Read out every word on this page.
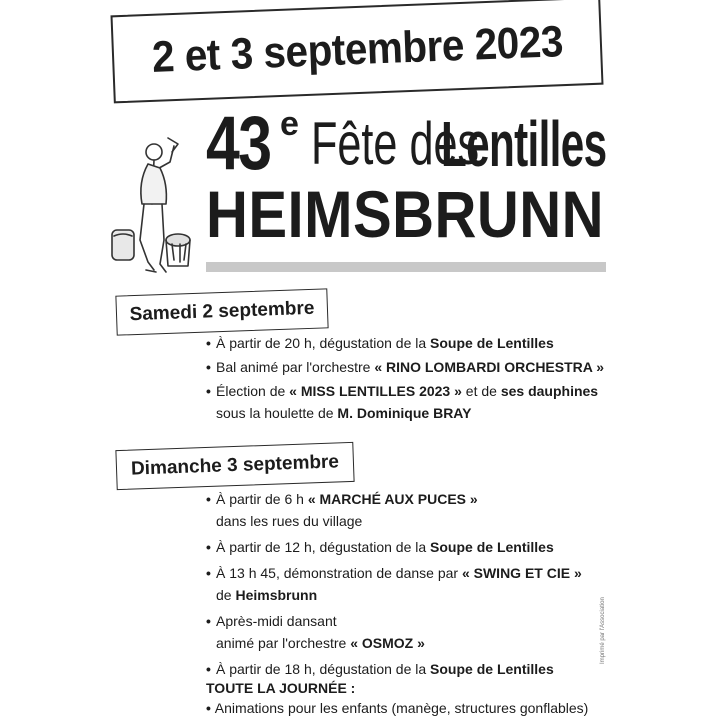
2 et 3 septembre 2023
43 e Fête des
Lentilles
HEIMSBRUNN
Samedi 2 septembre
• À partir de 20 h, dégustation de la Soupe de Lentilles
• Bal animé par l'orchestre « RINO LOMBARDI ORCHESTRA »
• Élection de « MISS LENTILLES 2023 » et de ses dauphines
sous la houlette de M. Dominique BRAY
Dimanche 3 septembre
• À partir de 6 h « MARCHÉ AUX PUCES »
dans les rues du village
• À partir de 12 h, dégustation de la Soupe de Lentilles
• À 13 h 45, démonstration de danse par « SWING ET CIE »
de Heimsbrunn
• Après-midi dansant
animé par l'orchestre « OSMOZ »
• À partir de 18 h, dégustation de la Soupe de Lentilles
TOUTE LA JOURNÉE :
• Animations pour les enfants (manège, structures gonflables)
Imprimé par l'Association
